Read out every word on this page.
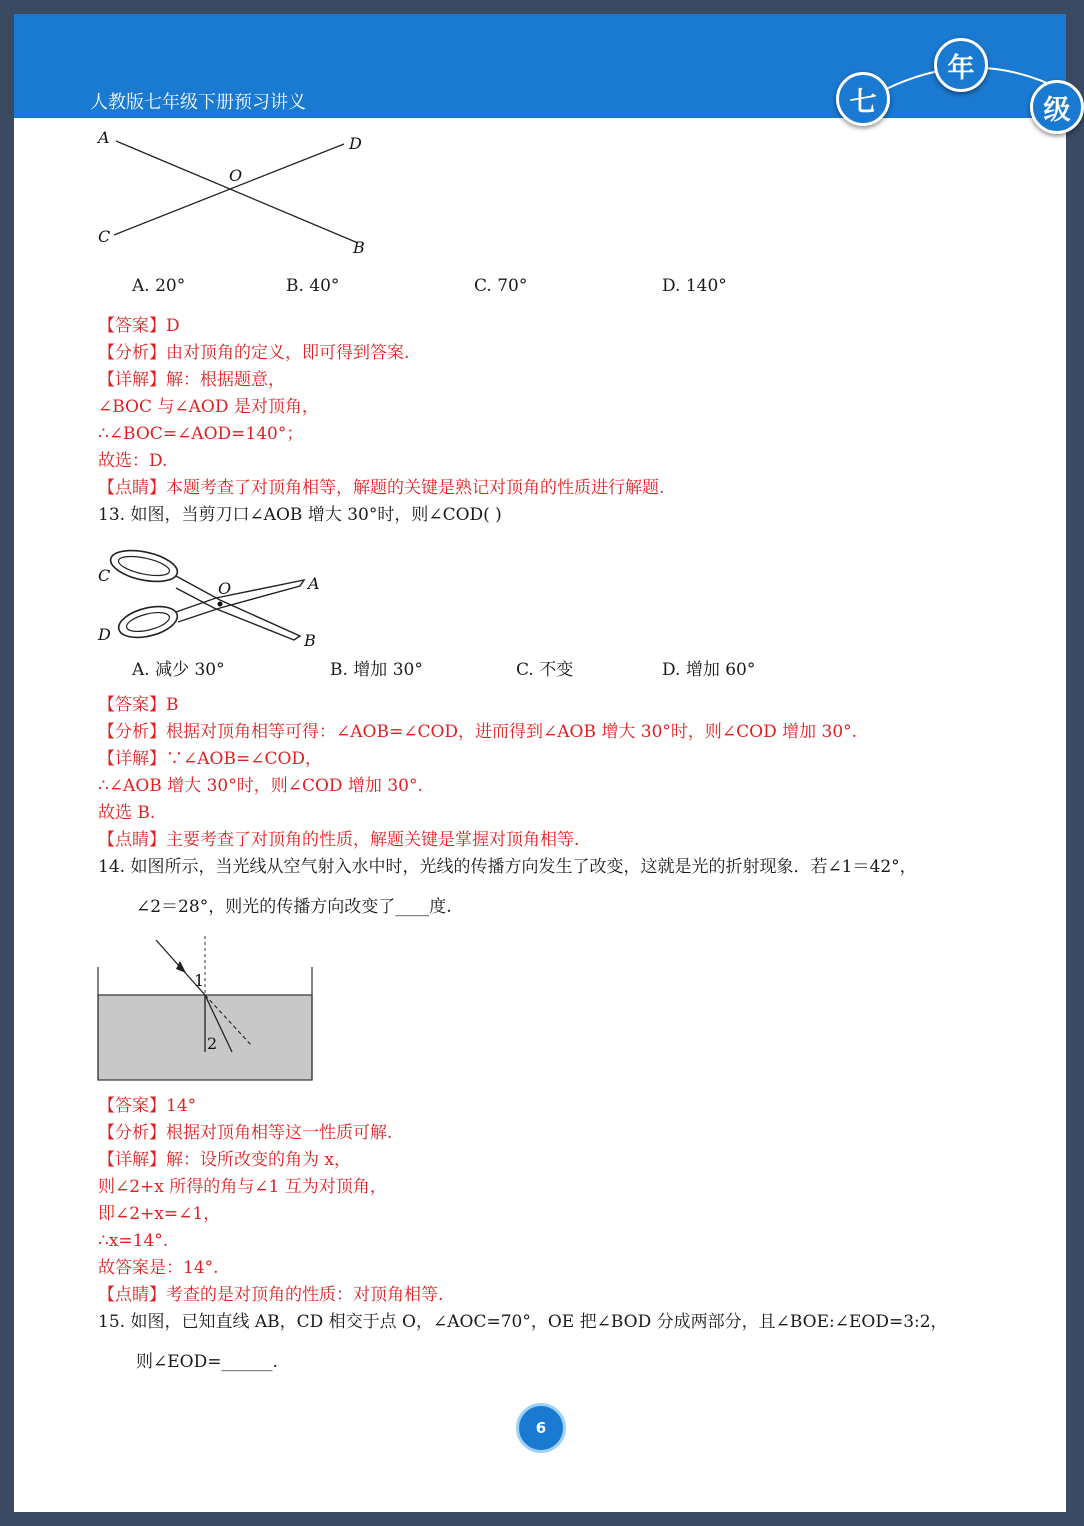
人教版七年级下册预习讲义	七
年
级
A	D
O
C
B
A. 20°	B. 40°	C. 70°	D. 140°
【答案】D
【分析】由对顶角的定义，即可得到答案.
【详解】解：根据题意，
∠BOC 与∠AOD 是对顶角，
∴∠BOC=∠AOD=140°；
故选：D.
【点睛】本题考查了对顶角相等，解题的关键是熟记对顶角的性质进行解题.
13. 如图，当剪刀口∠AOB 增大 30°时，则∠COD( )
C
O	A
D	B
A. 减少 30°	B. 增加 30°	C. 不变	D. 增加 60°
【答案】B
【分析】根据对顶角相等可得：∠AOB=∠COD，进而得到∠AOB 增大 30°时，则∠COD 增加 30°.
【详解】∵∠AOB=∠COD，
∴∠AOB 增大 30°时，则∠COD 增加 30°.
故选 B.
【点睛】主要考查了对顶角的性质，解题关键是掌握对顶角相等.
14. 如图所示，当光线从空气射入水中时，光线的传播方向发生了改变，这就是光的折射现象．若∠1＝42°，
∠2＝28°，则光的传播方向改变了____度.
1
2
【答案】14°
【分析】根据对顶角相等这一性质可解.
【详解】解：设所改变的角为 x，
则∠2+x 所得的角与∠1 互为对顶角，
即∠2+x=∠1，
∴x=14°.
故答案是：14°.
【点睛】考查的是对顶角的性质：对顶角相等.
15. 如图，已知直线 AB，CD 相交于点 O，∠AOC=70°，OE 把∠BOD 分成两部分，且∠BOE:∠EOD=3:2，
则∠EOD=______.
6
